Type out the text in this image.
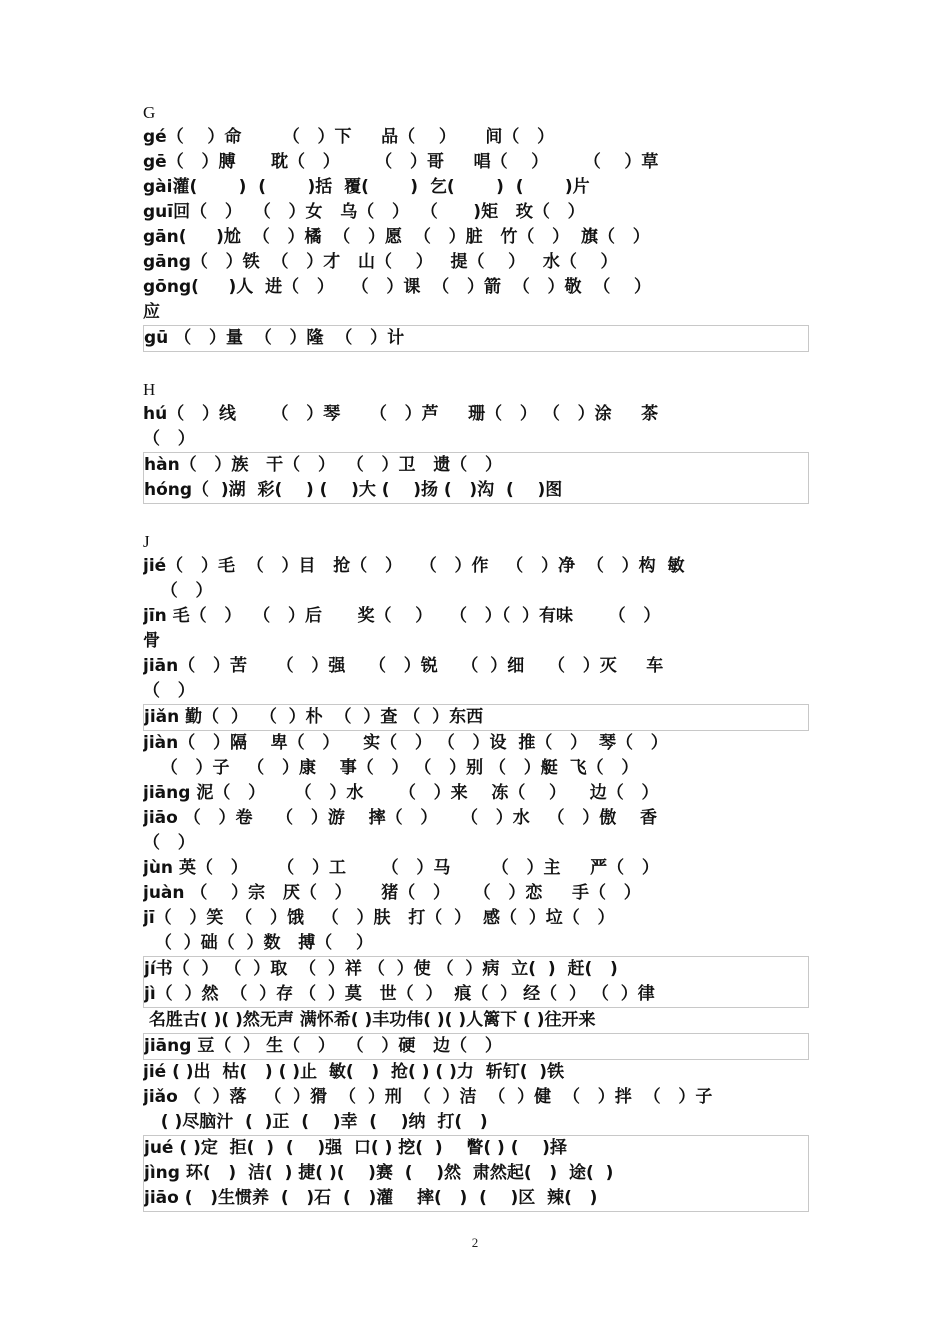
G
gé（    ）命       （   ）下     品（    ）     间（   ）
gē（   ）膊      耽（   ）      （   ）哥     唱（    ）      （    ）草
gài灌(       )  (       )括  覆(       )  乞(       )  (       )片
guī回（   ）  （   ）女   乌（   ）  （      )矩   玫（   ）
gān(     )尬  （   ）橘  （   ）愿  （   ）脏   竹（   ）  旗（   ）
gāng（   ）铁  （   ）才   山（    ）   提（    ）   水（    ）
gōng(     )人  进（   ）   （   ）课  （   ）箭  （   ）敬  （    ）
应
gū （   ）量  （   ）隆  （   ）计
H
hú（   ）线      （   ）琴     （   ）芦     珊（   ） （   ）涂     茶
（   ）
hàn（   ）族   干（   ）  （   ）卫   遗（   ）
hóng（  )湖  彩(    ) (    )大 (    )扬 (   )沟  (    )图
J
jié（   ）毛  （   ）目   抢（   ）   （   ）作   （   ）净  （   ）构  敏
（   ）
jīn 毛（   ）  （   ）后      奖（    ）   （   ）（  ）有味      （   ）
骨
jiān（   ）苦     （   ）强    （   ）锐    （  ）细    （   ）灭     车
（   ）
jiǎn 勤（  ）  （  ）朴  （  ）查 （  ）东西
jiàn（   ）隔    卑（   ）    实（   ） （   ）设  推（   ）  琴（   ）
（   ）子   （   ）康    事（   ） （   ）别 （   ）艇  飞（   ）
jiāng 泥（   ）     （   ）水      （   ）来    冻（    ）    边（   ）
jiāo （   ）卷    （   ）游    摔（   ）    （   ）水   （   ）傲    香
（   ）
jùn 英（   ）     （   ）工      （   ）马       （   ）主     严（   ）
juàn （    ）宗   厌（   ）     猪（   ）    （   ）恋     手（   ）
jī（   ）笑  （   ）饿   （   ）肤   打（  ）  感（  ）垃（   ）
（  ）础（  ）数   搏（    ）
jí书（  ） （  ）取  （  ）祥 （  ）使 （  ）病  立(  )  赶(   )
jì（  ）然  （  ）存 （  ）莫   世（  ）  痕（  ） 经（  ） （  ）律
名胜古( )( )然无声 满怀希( )丰功伟( )( )人篱下 ( )往开来
jiāng 豆（  ） 生（   ）  （   ）硬   边（   ）
jié ( )出  枯(   ) ( )止  敏(   )  抢( ) ( )力  斩钉(  )铁
jiǎo （  ）落   （  ）猾  （  ）刑  （  ）洁  （  ）健  （   ）拌  （   ）子
( )尽脑汁  (  )正  (    )幸  (    )纳  打(   )
jué ( )定  拒(  )  (    )强  口( ) 挖(  )    瞥( ) (    )择
jìng 环(   )  洁(  ) 捷( )(    )赛  (    )然  肃然起(   )  途(  )
jiāo (   )生惯养  (   )石  (   )灌    摔(   )  (    )区  辣(   )
2
